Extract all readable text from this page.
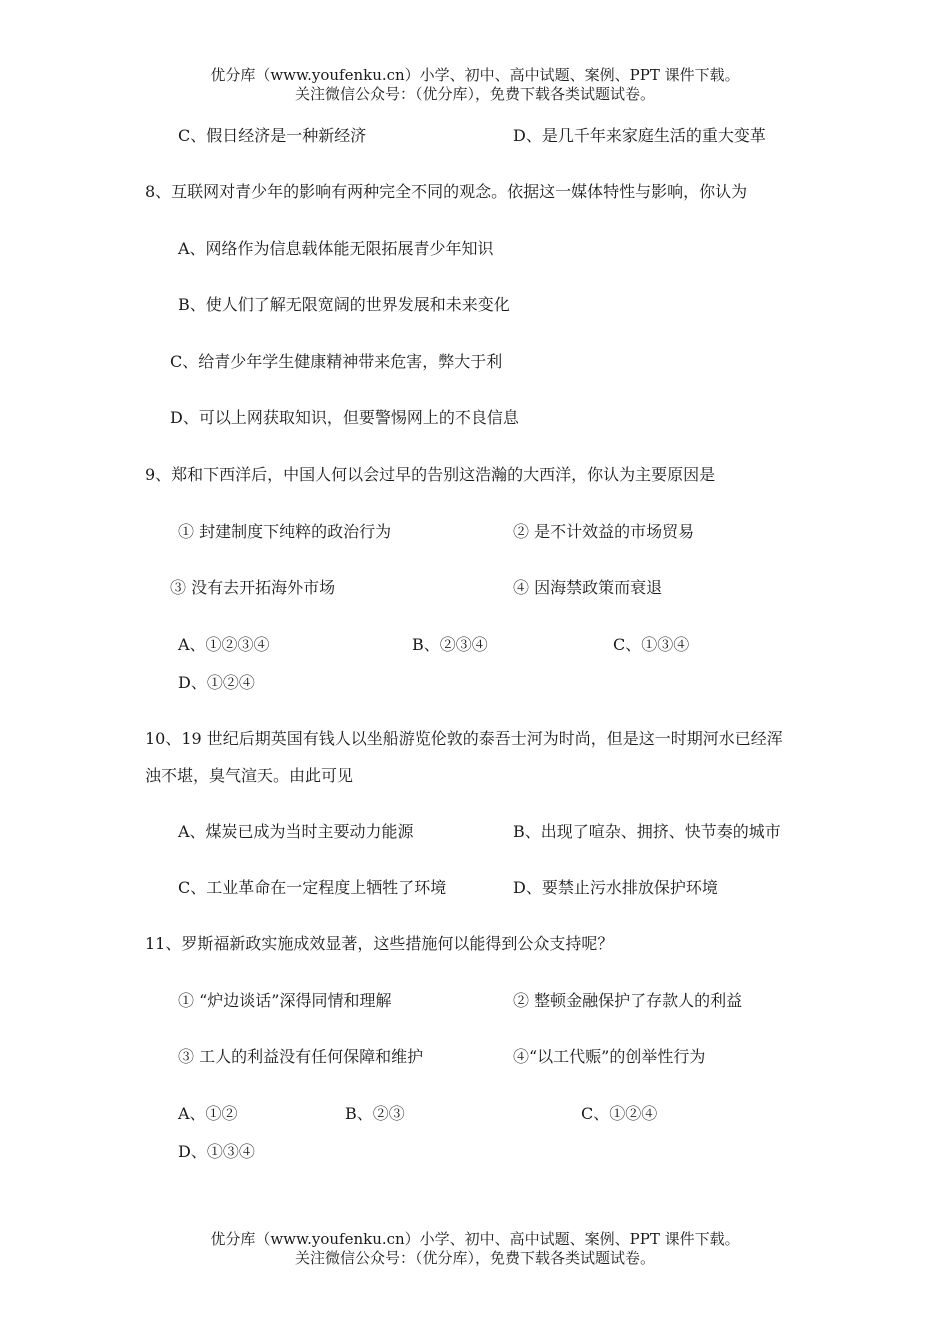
优分库（www.youfenku.cn）小学、初中、高中试题、案例、PPT 课件下载。
关注微信公众号：（优分库），免费下载各类试题试卷。
C、假日经济是一种新经济	D、是几千年来家庭生活的重大变革
8、互联网对青少年的影响有两种完全不同的观念。依据这一媒体特性与影响，你认为
A、网络作为信息载体能无限拓展青少年知识
B、使人们了解无限宽阔的世界发展和未来变化
C、给青少年学生健康精神带来危害，弊大于利
D、可以上网获取知识，但要警惕网上的不良信息
9、郑和下西洋后，中国人何以会过早的告别这浩瀚的大西洋，你认为主要原因是
① 封建制度下纯粹的政治行为	② 是不计效益的市场贸易
③ 没有去开拓海外市场	④ 因海禁政策而衰退
A、①②③④	B、②③④	C、①③④
D、①②④
10、19 世纪后期英国有钱人以坐船游览伦敦的泰吾士河为时尚，但是这一时期河水已经浑
浊不堪，臭气渲天。由此可见
A、煤炭已成为当时主要动力能源	B、出现了喧杂、拥挤、快节奏的城市
C、工业革命在一定程度上牺牲了环境	D、要禁止污水排放保护环境
11、罗斯福新政实施成效显著，这些措施何以能得到公众支持呢？
① “炉边谈话”深得同情和理解	② 整顿金融保护了存款人的利益
③ 工人的利益没有任何保障和维护	④“以工代赈”的创举性行为
A、①②	B、②③	C、①②④
D、①③④
优分库（www.youfenku.cn）小学、初中、高中试题、案例、PPT 课件下载。
关注微信公众号：（优分库），免费下载各类试题试卷。
